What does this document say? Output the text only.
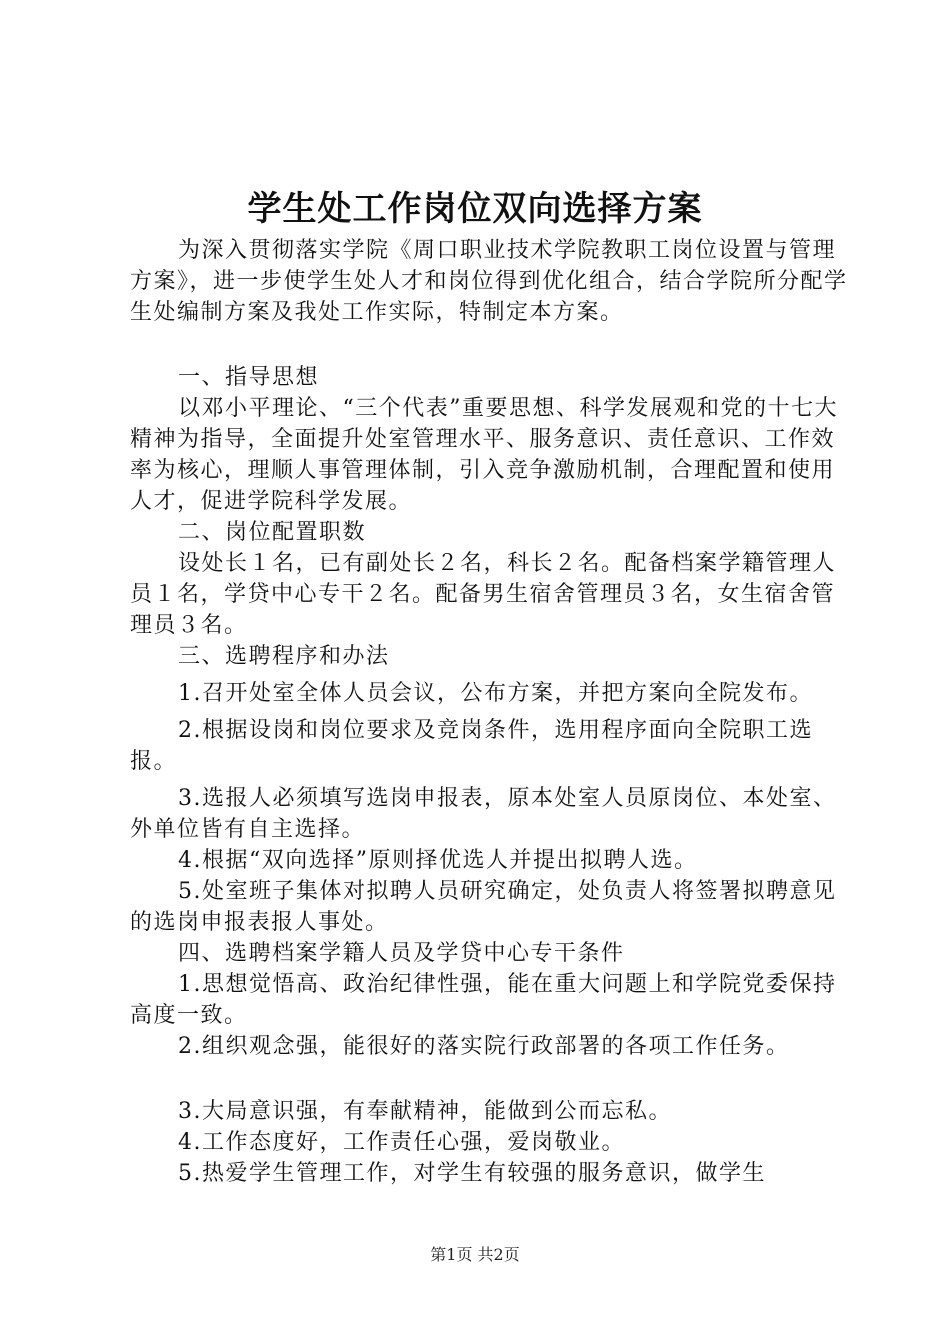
学生处工作岗位双向选择方案

为深入贯彻落实学院《周口职业技术学院教职工岗位设置与管理方案》，进一步使学生处人才和岗位得到优化组合，结合学院所分配学生处编制方案及我处工作实际，特制定本方案。

一、指导思想

以邓小平理论、“三个代表”重要思想、科学发展观和党的十七大精神为指导，全面提升处室管理水平、服务意识、责任意识、工作效率为核心，理顺人事管理体制，引入竞争激励机制，合理配置和使用人才，促进学院科学发展。

二、岗位配置职数

设处长１名，已有副处长２名，科长２名。配备档案学籍管理人员１名，学贷中心专干２名。配备男生宿舍管理员３名，女生宿舍管理员３名。

三、选聘程序和办法

1.召开处室全体人员会议，公布方案，并把方案向全院发布。

2.根据设岗和岗位要求及竞岗条件，选用程序面向全院职工选报。

3.选报人必须填写选岗申报表，原本处室人员原岗位、本处室、外单位皆有自主选择。

4.根据“双向选择”原则择优选人并提出拟聘人选。

5.处室班子集体对拟聘人员研究确定，处负责人将签署拟聘意见的选岗申报表报人事处。

四、选聘档案学籍人员及学贷中心专干条件

1.思想觉悟高、政治纪律性强，能在重大问题上和学院党委保持高度一致。

2.组织观念强，能很好的落实院行政部署的各项工作任务。

3.大局意识强，有奉献精神，能做到公而忘私。

4.工作态度好，工作责任心强，爱岗敬业。

5.热爱学生管理工作，对学生有较强的服务意识，做学生

第1页 共2页
